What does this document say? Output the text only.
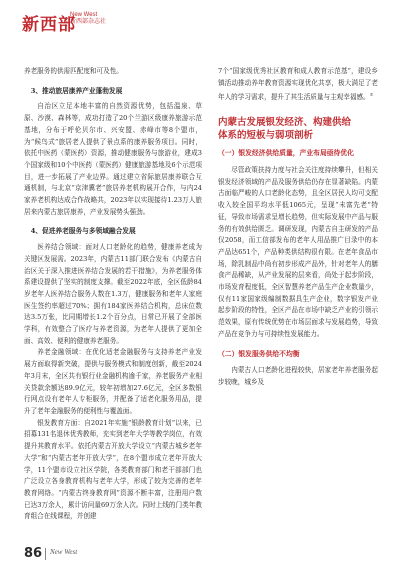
新西部
New West
新西部杂志社

养老服务的供需匹配度和可及性。

3、推动旅居康养产业蓬勃发展

自治区立足本地丰富的自然资源优势，包括温泉、草原、沙漠、森林等，成功打造了20个兰游区级康养旅游示范基地，分布于呼伦贝尔市、兴安盟、赤峰市等8个盟市，为“候鸟式”旅居老人提供了景点系的康养服务项目。同时，依托中医药（蒙医药）资源，推动健康服务与旅游业，建成3个国家级和10个中医药（蒙医药）健康旅游基地及6个示范项目，进一步拓展了产业边界。通过建立省际旅居康养联合互通机制，与北京“京津冀老”旅居养老机构展开合作，与内24家养老机构达成合作战略共，2023年以实现接待1.23万人旅居来内蒙古旅居康养，产业发展势头强劲。

4、促进养老服务与多领域融合发展

医养结合领域：面对人口老龄化的趋势，健康养老成为关键区发展需。2023年，内蒙古11部门联合发布《内蒙古自治区关于深入推进医养结合发展的若干措施》，为养老服务体系建设提供了坚实的制度支撑。截至2022年底，全区低龄84岁老年人医养结合服务人数在1.3万，健康服务和老年人家庭医生签约率超过70%；拥有184家医养结合机构，总床位数达3.5万张，比同期增长1.2个百分点，日常已开展了全部医学科，有效整合了医疗与养老资源，为老年人提供了更加全面、高效、便利的健康养老服务。

养老金融领域：在优化适老金融服务与支持养老产业发展方面取得新突破，提供与服务模式和制度创新，截至2024年3月末，全区共有银行业金融机构逾千家，养老服务产业相关贷款余额达89.9亿元，较年初增加27.6亿元，全区多数银行网点设有老年人专柜服务，并配备了适老化服务用品，提升了老年金融服务的便利性与覆盖面。

银发教育方面：自2021年实施“银龄教育计划”以来，已招募131名退休优秀教师，充实到老年大学等教学岗位，有效提升其教育水平。依托内蒙古开放大学设立“内蒙古城乡老年大学”和“内蒙古老年开放大学”，在8个盟市成立老年开放大学，11个盟市设立社区学院，各类教育部门和老干部部门也广泛设立各身教育机构与老年大学，形成了较为完善的老年教育网络。“内蒙古终身教育网”资源不断丰富，注册用户数已达3万余人，累计访问量69万余人次。同时上线的门类年教育组合在线课程，并创建

7个“国家级优秀社区教育和成人教育示范基”，建设乡镇活动推动养年教育资源实现优化共享，极大满足了老年人的学习需求，提升了其生活质量与主观幸福感。⑦

内蒙古发展银发经济、构建供给
体系的短板与弱项剖析
（一）银发经济供给质量，产业布局亟待优化

尽管政策扶持力度与社会关注度持续攀升，但相关银发经济领域的产品及服务供给仍存在显著缺陷。内蒙古面临严峻的人口老龄化态势，且全区居民人均可支配收入较全国平均水平低1065元，呈现“未富先老”特征，导致市场需求呈增长趋势，但实际发展中产品与服务的有效供给匮乏。调研发现，内蒙古自主研发的产品仅2058，而工信部发布的老年人用品推广目录中的本产品达651个，产品种类供结构很有限。在老年食品市场，除乳制品中尚有初步形成产品外，针对老年人的膳食产品稀缺，从产业发展的层来看，尚处于起步阶段，市场发育程度低，全区智慧养老产品生产企业数量少，仅有11家国家级编制数据具生产企业，数字银发产业起步阶段的特性，全区产品在市场中缺乏产业的引领示范效果，原有传统优势在市场层面求与发展趋势，导致产品在竞争力与可持续性发展能力。

（二）银发服务供给不均衡

内蒙古人口老龄化进程较快，居家老年养老服务起步较晚，城乡及

86 New West
